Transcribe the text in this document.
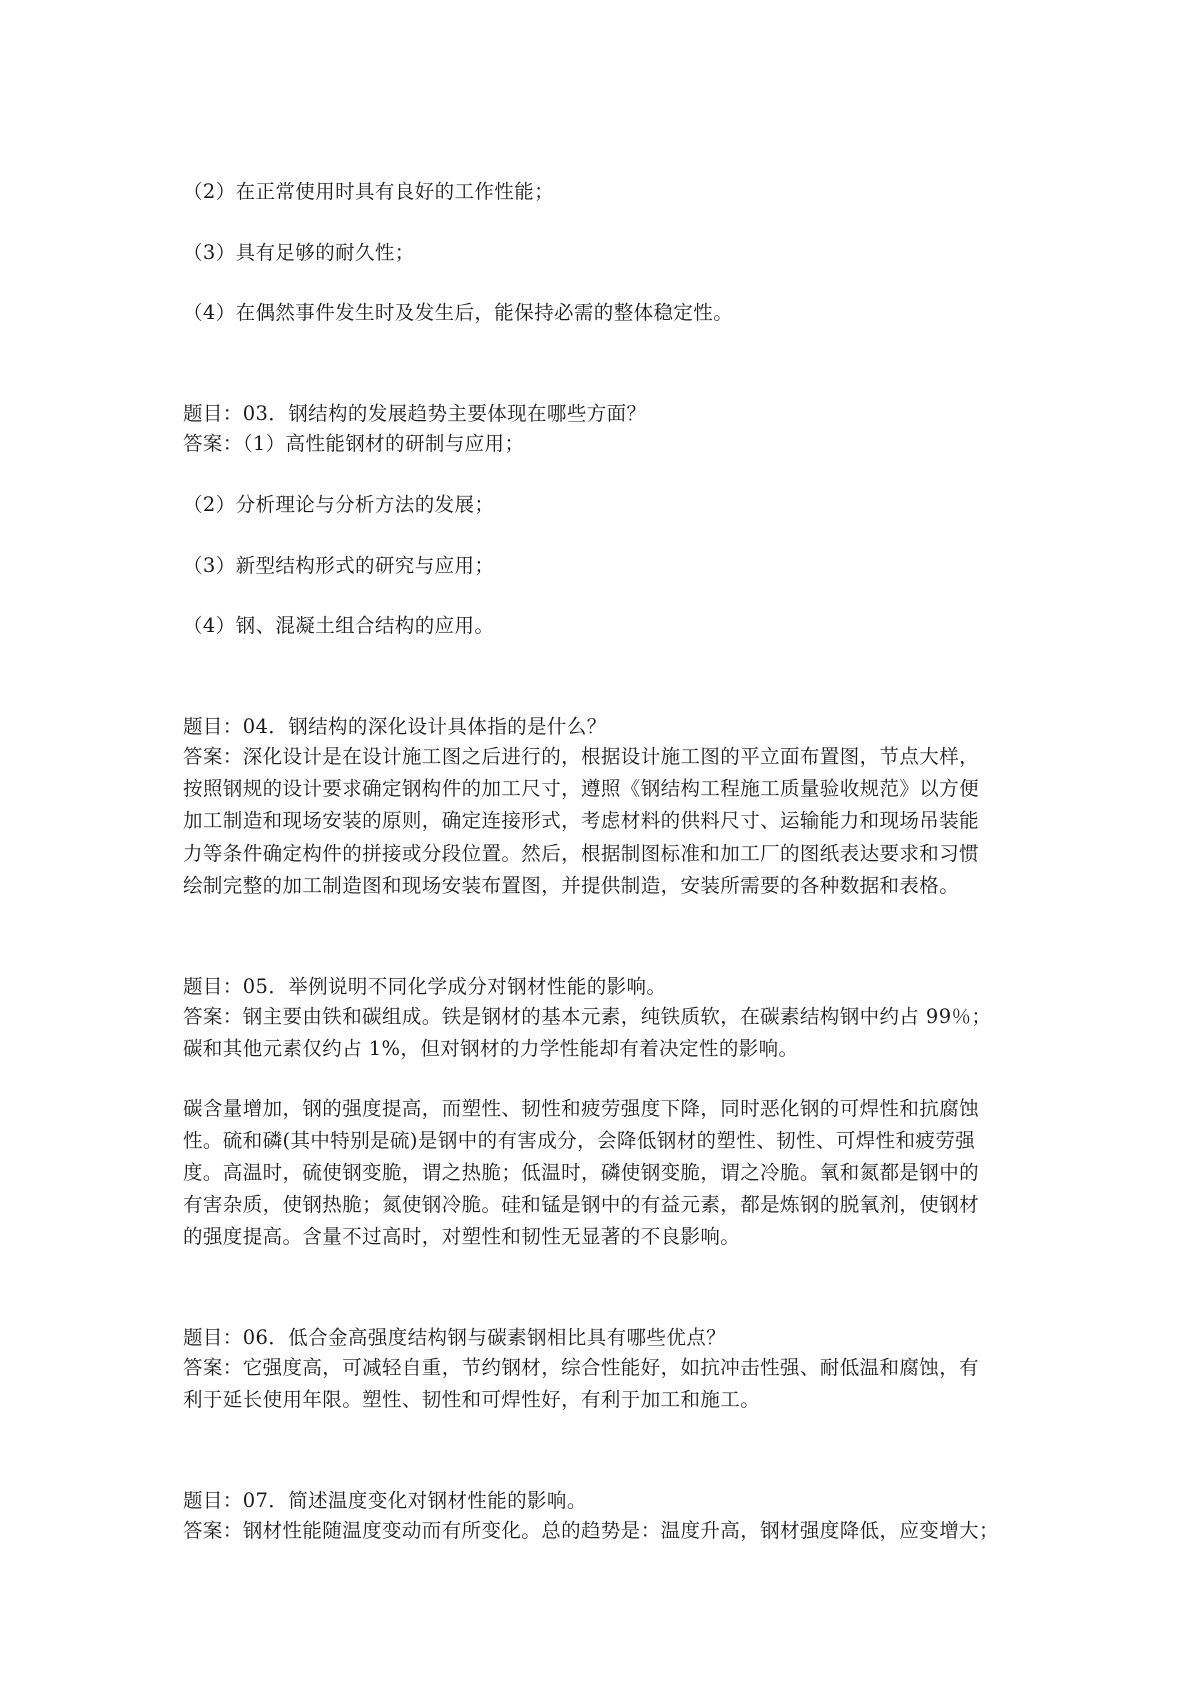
（2）在正常使用时具有良好的工作性能；
（3）具有足够的耐久性；
（4）在偶然事件发生时及发生后，能保持必需的整体稳定性。
题目：03．钢结构的发展趋势主要体现在哪些方面？
答案：（1）高性能钢材的研制与应用；
（2）分析理论与分析方法的发展；
（3）新型结构形式的研究与应用；
（4）钢、混凝土组合结构的应用。
题目：04．钢结构的深化设计具体指的是什么？
答案：深化设计是在设计施工图之后进行的，根据设计施工图的平立面布置图，节点大样，
按照钢规的设计要求确定钢构件的加工尺寸，遵照《钢结构工程施工质量验收规范》以方便
加工制造和现场安装的原则，确定连接形式，考虑材料的供料尺寸、运输能力和现场吊装能
力等条件确定构件的拼接或分段位置。然后，根据制图标准和加工厂的图纸表达要求和习惯
绘制完整的加工制造图和现场安装布置图，并提供制造，安装所需要的各种数据和表格。
题目：05．举例说明不同化学成分对钢材性能的影响。
答案：钢主要由铁和碳组成。铁是钢材的基本元素，纯铁质软，在碳素结构钢中约占 99％；
碳和其他元素仅约占 1%，但对钢材的力学性能却有着决定性的影响。
碳含量增加，钢的强度提高，而塑性、韧性和疲劳强度下降，同时恶化钢的可焊性和抗腐蚀
性。硫和磷(其中特别是硫)是钢中的有害成分，会降低钢材的塑性、韧性、可焊性和疲劳强
度。高温时，硫使钢变脆，谓之热脆；低温时，磷使钢变脆，谓之冷脆。氧和氮都是钢中的
有害杂质，使钢热脆；氮使钢冷脆。硅和锰是钢中的有益元素，都是炼钢的脱氧剂，使钢材
的强度提高。含量不过高时，对塑性和韧性无显著的不良影响。
题目：06．低合金高强度结构钢与碳素钢相比具有哪些优点？
答案：它强度高，可减轻自重，节约钢材，综合性能好，如抗冲击性强、耐低温和腐蚀，有
利于延长使用年限。塑性、韧性和可焊性好，有利于加工和施工。
题目：07．简述温度变化对钢材性能的影响。
答案：钢材性能随温度变动而有所变化。总的趋势是：温度升高，钢材强度降低，应变增大；
